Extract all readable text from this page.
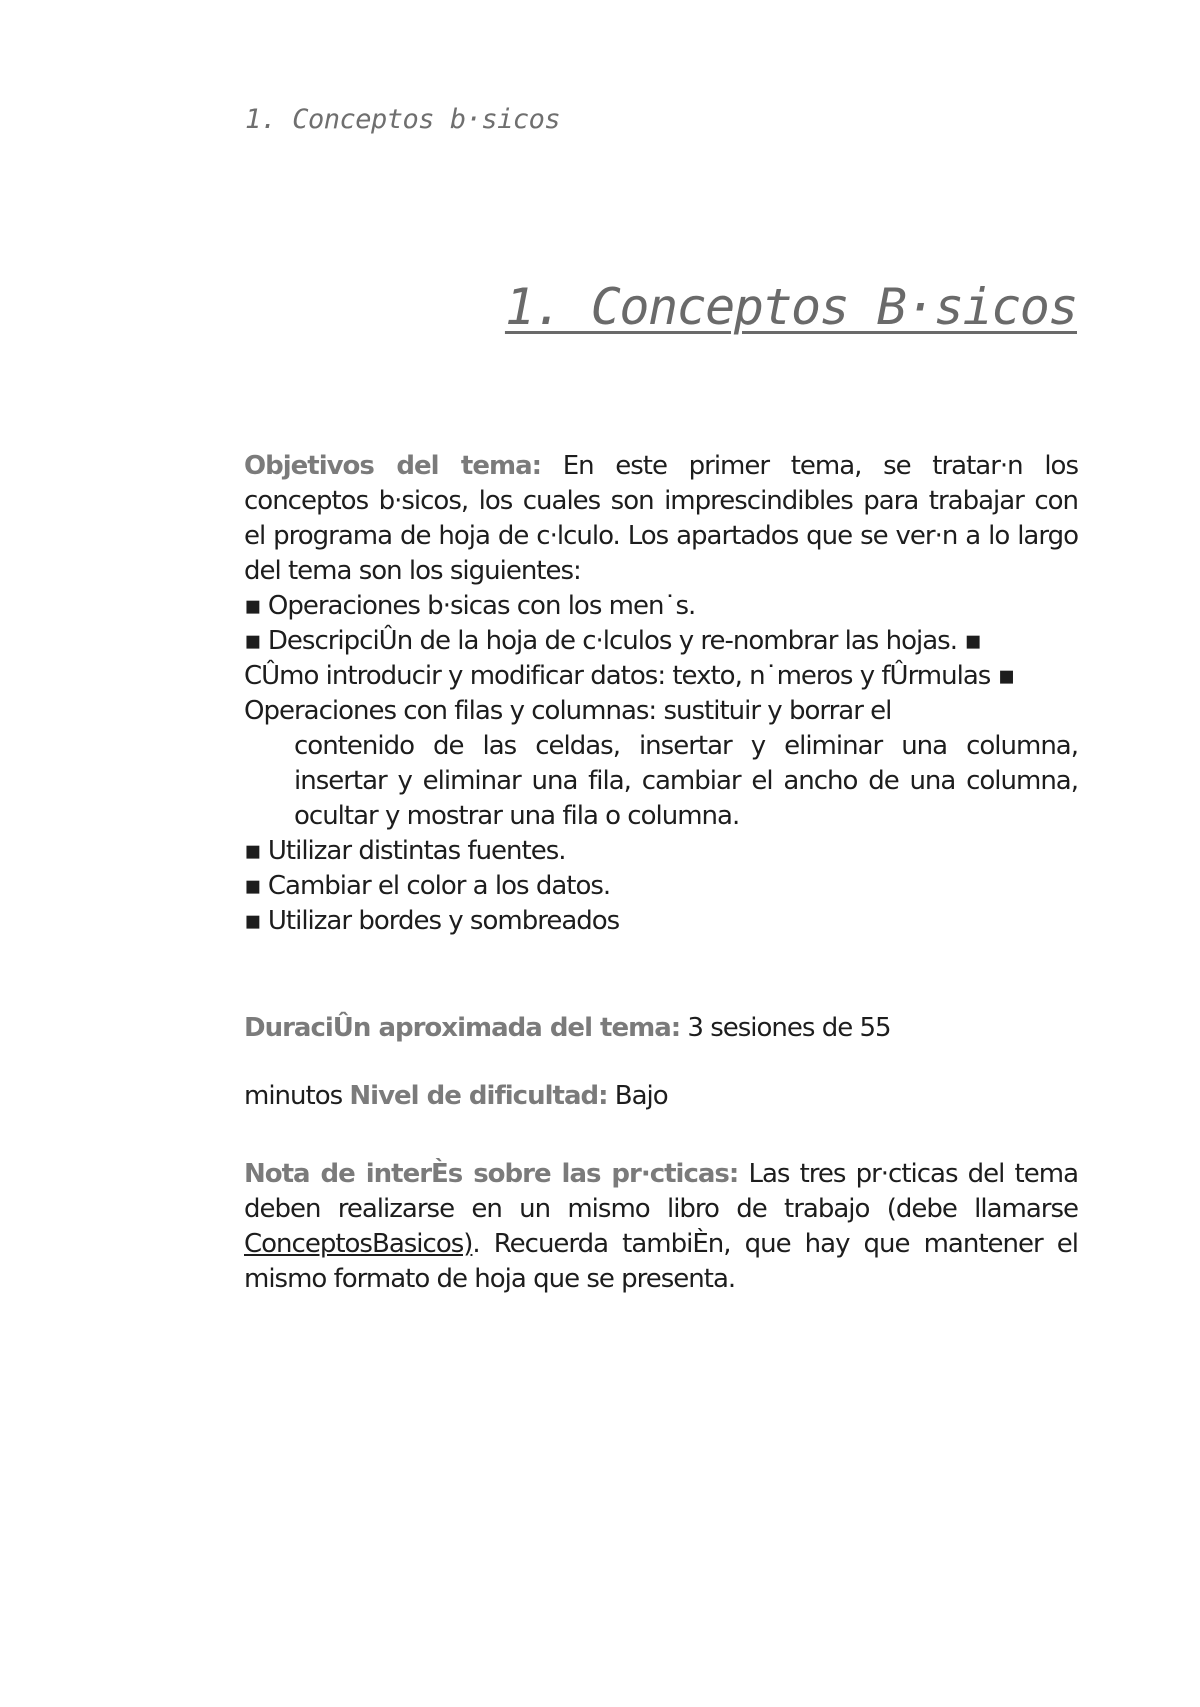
1. Conceptos b·sicos
1. Conceptos B·sicos
Objetivos del tema: En este primer tema, se tratar·n los conceptos b·sicos, los cuales son imprescindibles para trabajar con el programa de hoja de c·lculo. Los apartados que se ver·n a lo largo del tema son los siguientes:
▪ Operaciones b·sicas con los men˙s.
▪ DescripciÛn de la hoja de c·lculos y re-nombrar las hojas. ▪
CÛmo introducir y modificar datos: texto, n˙meros y fÛrmulas ▪
Operaciones con filas y columnas: sustituir y borrar el
contenido de las celdas, insertar y eliminar una columna, insertar y eliminar una fila, cambiar el ancho de una columna, ocultar y mostrar una fila o columna.
▪ Utilizar distintas fuentes.
▪ Cambiar el color a los datos.
▪ Utilizar bordes y sombreados
DuraciÛn aproximada del tema: 3 sesiones de 55
minutos Nivel de dificultad: Bajo
Nota de interÈs sobre las pr·cticas: Las tres pr·cticas del tema deben realizarse en un mismo libro de trabajo (debe llamarse ConceptosBasicos). Recuerda tambiÈn, que hay que mantener el mismo formato de hoja que se presenta.
